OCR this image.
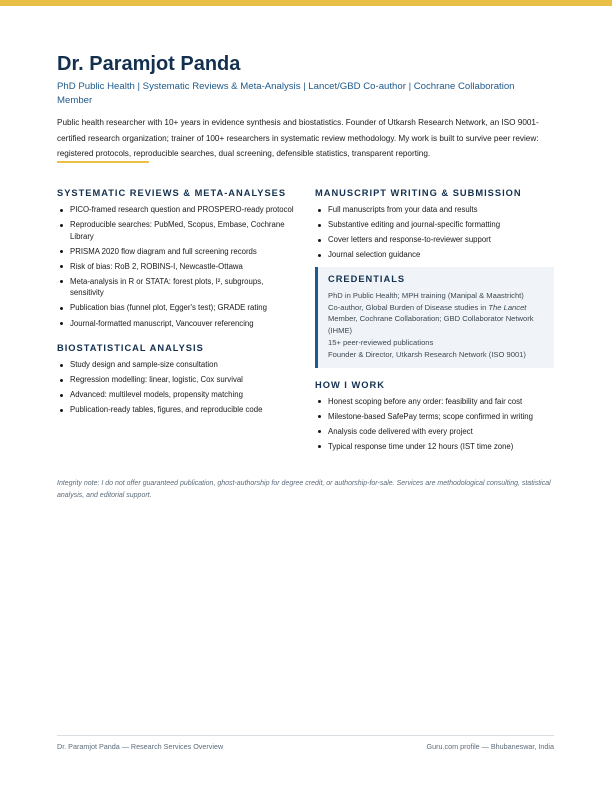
Dr. Paramjot Panda
PhD Public Health | Systematic Reviews & Meta-Analysis | Lancet/GBD Co-author | Cochrane Collaboration Member
Public health researcher with 10+ years in evidence synthesis and biostatistics. Founder of Utkarsh Research Network, an ISO 9001-certified research organization; trainer of 100+ researchers in systematic review methodology. My work is built to survive peer review: registered protocols, reproducible searches, dual screening, defensible statistics, transparent reporting.
SYSTEMATIC REVIEWS & META-ANALYSES
PICO-framed research question and PROSPERO-ready protocol
Reproducible searches: PubMed, Scopus, Embase, Cochrane Library
PRISMA 2020 flow diagram and full screening records
Risk of bias: RoB 2, ROBINS-I, Newcastle-Ottawa
Meta-analysis in R or STATA: forest plots, I², subgroups, sensitivity
Publication bias (funnel plot, Egger's test); GRADE rating
Journal-formatted manuscript, Vancouver referencing
BIOSTATISTICAL ANALYSIS
Study design and sample-size consultation
Regression modelling: linear, logistic, Cox survival
Advanced: multilevel models, propensity matching
Publication-ready tables, figures, and reproducible code
MANUSCRIPT WRITING & SUBMISSION
Full manuscripts from your data and results
Substantive editing and journal-specific formatting
Cover letters and response-to-reviewer support
Journal selection guidance
CREDENTIALS
PhD in Public Health; MPH training (Manipal & Maastricht)
Co-author, Global Burden of Disease studies in The Lancet
Member, Cochrane Collaboration; GBD Collaborator Network (IHME)
15+ peer-reviewed publications
Founder & Director, Utkarsh Research Network (ISO 9001)
HOW I WORK
Honest scoping before any order: feasibility and fair cost
Milestone-based SafePay terms; scope confirmed in writing
Analysis code delivered with every project
Typical response time under 12 hours (IST time zone)
Integrity note: I do not offer guaranteed publication, ghost-authorship for degree credit, or authorship-for-sale. Services are methodological consulting, statistical analysis, and editorial support.
Dr. Paramjot Panda — Research Services Overview	Guru.com profile — Bhubaneswar, India
